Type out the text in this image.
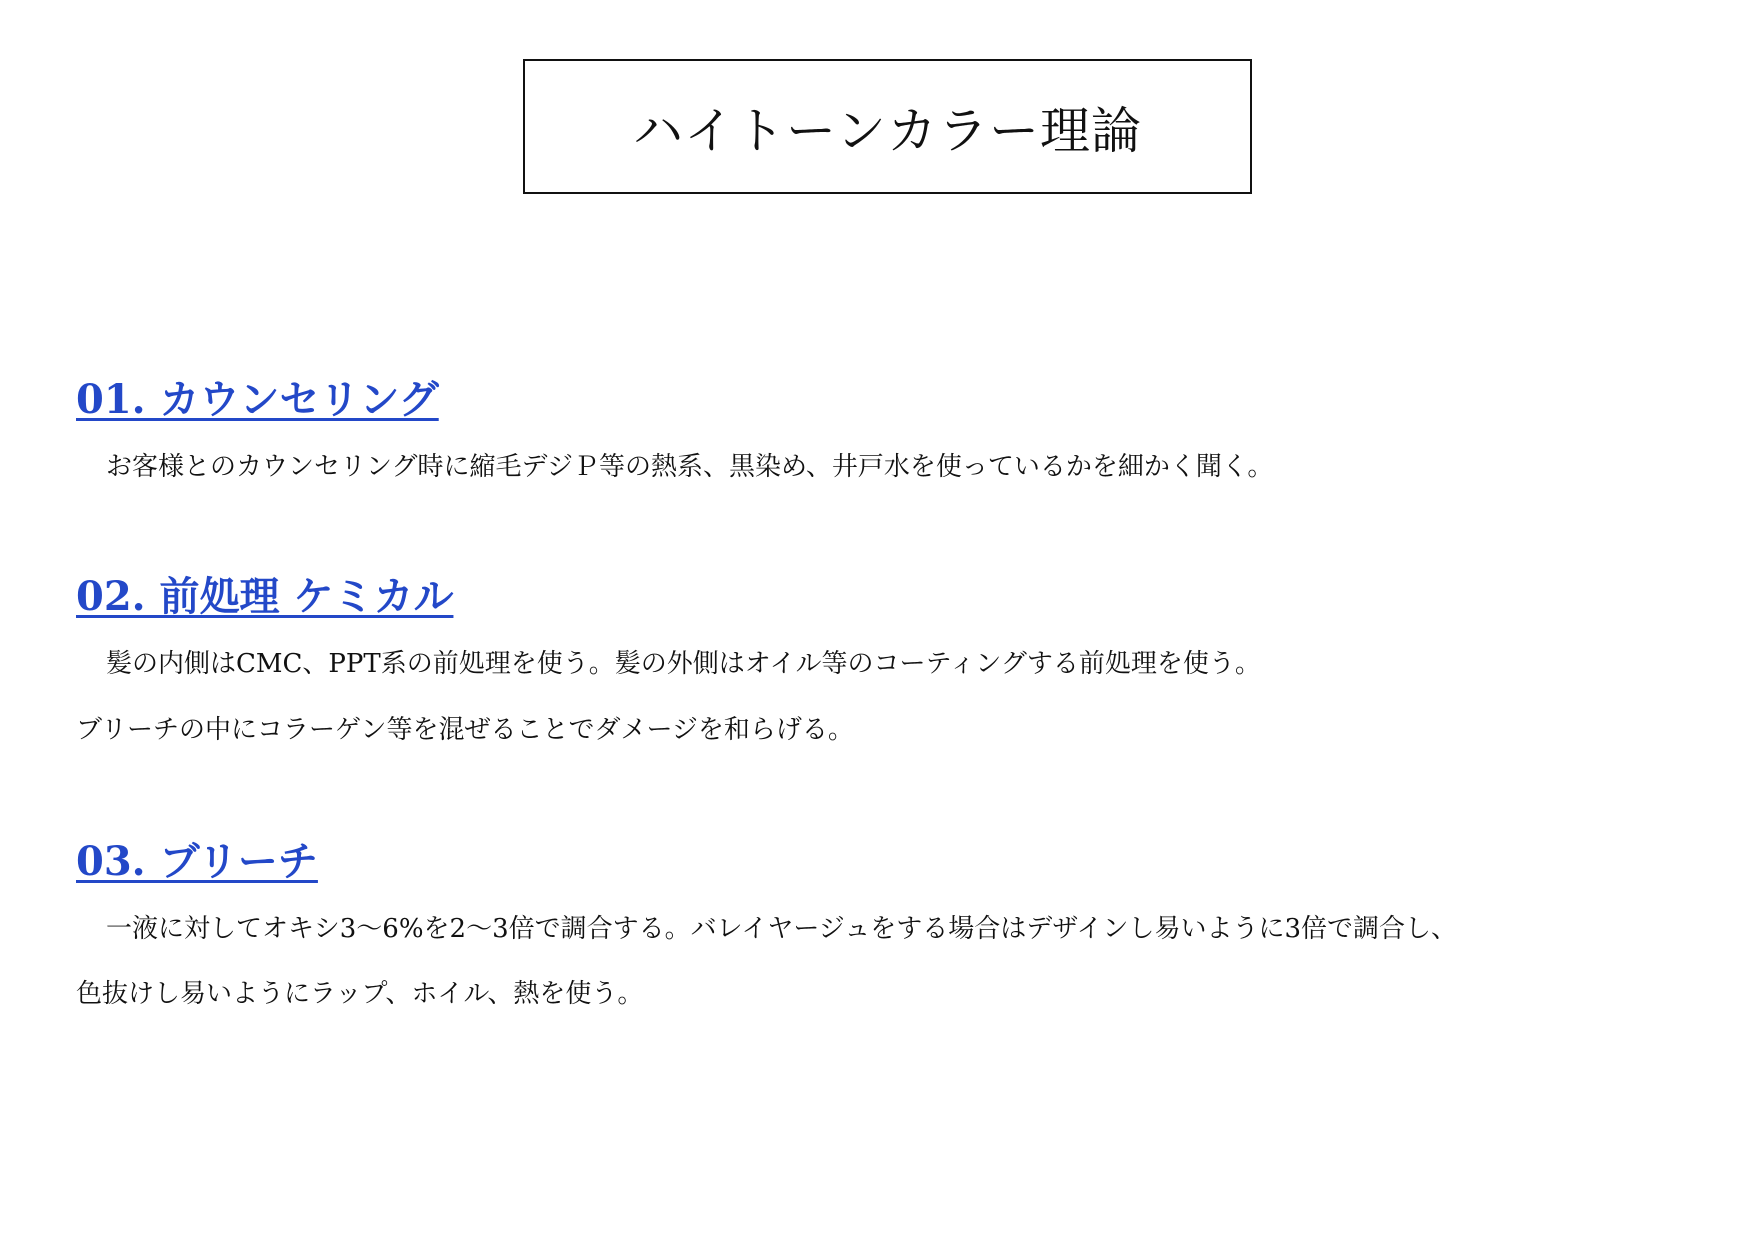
ハイトーンカラー理論
01. カウンセリング
お客様とのカウンセリング時に縮毛デジＰ等の熱系、黒染め、井戸水を使っているかを細かく聞く。
02. 前処理 ケミカル
髪の内側はCMC、PPT系の前処理を使う。髪の外側はオイル等のコーティングする前処理を使う。
ブリーチの中にコラーゲン等を混ぜることでダメージを和らげる。
03. ブリーチ
一液に対してオキシ3〜6%を2〜3倍で調合する。バレイヤージュをする場合はデザインし易いように3倍で調合し、
色抜けし易いようにラップ、ホイル、熱を使う。
